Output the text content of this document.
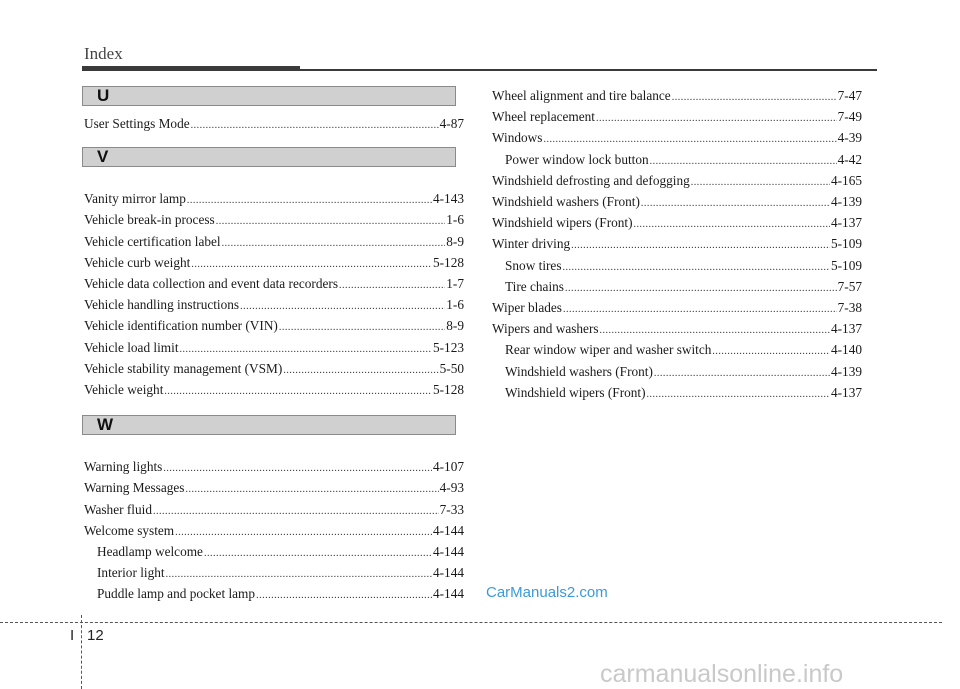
Index
U
User Settings Mode .....	4-87
V
Vanity mirror lamp .....	4-143
Vehicle break-in process .....	1-6
Vehicle certification label .....	8-9
Vehicle curb weight .....	5-128
Vehicle data collection and event data recorders .....	1-7
Vehicle handling instructions .....	1-6
Vehicle identification number (VIN) .....	8-9
Vehicle load limit .....	5-123
Vehicle stability management (VSM) .....	5-50
Vehicle weight .....	5-128
W
Warning lights .....	4-107
Warning Messages .....	4-93
Washer fluid .....	7-33
Welcome system .....	4-144
Headlamp welcome .....	4-144
Interior light .....	4-144
Puddle lamp and pocket lamp .....	4-144
Wheel alignment and tire balance .....	7-47
Wheel replacement .....	7-49
Windows .....	4-39
Power window lock button .....	4-42
Windshield defrosting and defogging .....	4-165
Windshield washers (Front) .....	4-139
Windshield wipers (Front) .....	4-137
Winter driving .....	5-109
Snow tires .....	5-109
Tire chains .....	7-57
Wiper blades .....	7-38
Wipers and washers .....	4-137
Rear window wiper and washer switch .....	4-140
Windshield washers (Front) .....	4-139
Windshield wipers (Front) .....	4-137
I 12
CarManuals2.com
carmanualsonline.info
